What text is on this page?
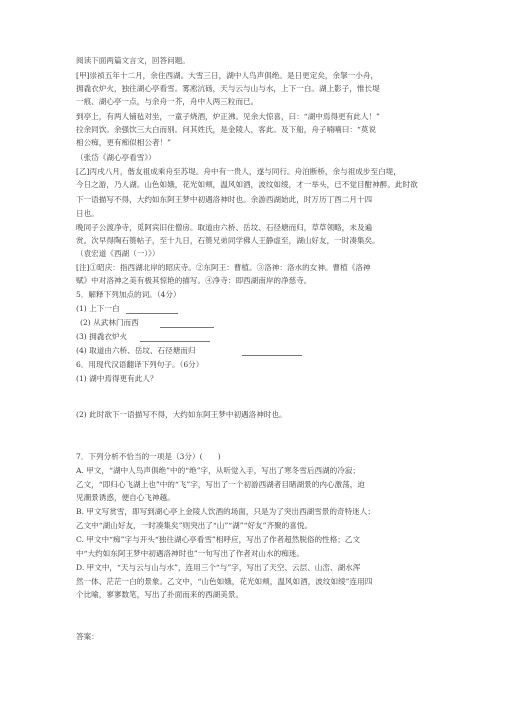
阅读下面两篇文言文，回答问题。
[甲]崇祯五年十二月，余住西湖。大雪三日，湖中人鸟声俱绝。是日更定矣，余拏一小舟，
拥毳衣炉火，独往湖心亭看雪。雾凇沆砀，天与云与山与水，上下一白。湖上影子，惟长堤
一痕、湖心亭一点，与余舟一芥，舟中人两三粒而已。
到亭上，有两人铺毡对坐，一童子烧酒，炉正沸。见余大惊喜，曰：“湖中焉得更有此人！”
拉余同饮。余强饮三大白而别。问其姓氏，是金陵人，客此。及下船，舟子喃喃曰：“莫说
相公痴，更有痴似相公者！”
（张岱《湖心亭看雪》）
[乙]丙戌八月，偕友祖成乘舟至苏堤。舟中有一贵人，遂与同行。舟泊断桥，余与祖成步至白堤，
今日之游，乃人湖。山色如娥，花光如颊，温风如酒，波纹如绫，才一举头，已不觉目酣神醉。此时欲
下一语描写不得，大约如东阿王梦中初遇洛神时也。余游西湖始此，时万历丁酉二月十四
日也。
晚同子公渡净寺，觅阿宾旧住僧房。取道由六桥、岳坟、石径塘而归，草草领略，未及遍
赏。次早得陶石篑帖子，至十九日，石篑兄弟同学佛人王静虚至，湖山好友，一时凑集矣。
（袁宏道《西湖（一）》）
[注]①昭庆：指西湖北岸的昭庆寺。②东阿王：曹植。③洛神：洛水的女神。曹植《洛神
赋》中对洛神之美有极其惊艳的描写。④净寺：即西湖南岸的净慈寺。
5．解释下列加点的词。（4分）
(1) 上下一白
(2) 从武林门而西
(3) 拥毳衣炉火
(4) 取道由六桥、岳坟、石径塘而归
6．用现代汉语翻译下列句子。（6分）
(1) 湖中焉得更有此人？
(2) 此时欲下一语描写不得，大约如东阿王梦中初遇洛神时也。
7．下列分析不恰当的一项是（3分）(　　)
A. 甲文，“湖中人鸟声俱绝”中的“绝”字，从听觉入手，写出了寒冬雪后西湖的冷寂；
乙文，“即归心飞湖上也”中的“飞”字，写出了一个初游西湖者目睹湖景的内心激荡，迫
见潮景诱惑，便自心飞神越。
B. 甲文写赏雪，即写到湖心亭上金陵人饮酒的场面，只是为了突出西湖雪景的奇特迷人；
乙文中“湖山好友，一时凑集矣”则突出了“山”“湖”“好友”齐聚的喜悦。
C. 甲文中“痴”字与开头“独往湖心亭看雪”相呼应，写出了作者超然脱俗的性格；乙文
中“大约如东阿王梦中初遇洛神时也”一句写出了作者对山水的痴迷。
D. 甲文中，“天与云与山与水”，连用三个“与”字，写出了天空、云层、山峦、湖水浑
然一体、茫茫一白的景象。乙文中，“山色如娥，花光如颊，温风如酒，波纹如绫”连用四
个比喻，寥寥数笔，写出了扑面而来的西湖美景。
答案：
